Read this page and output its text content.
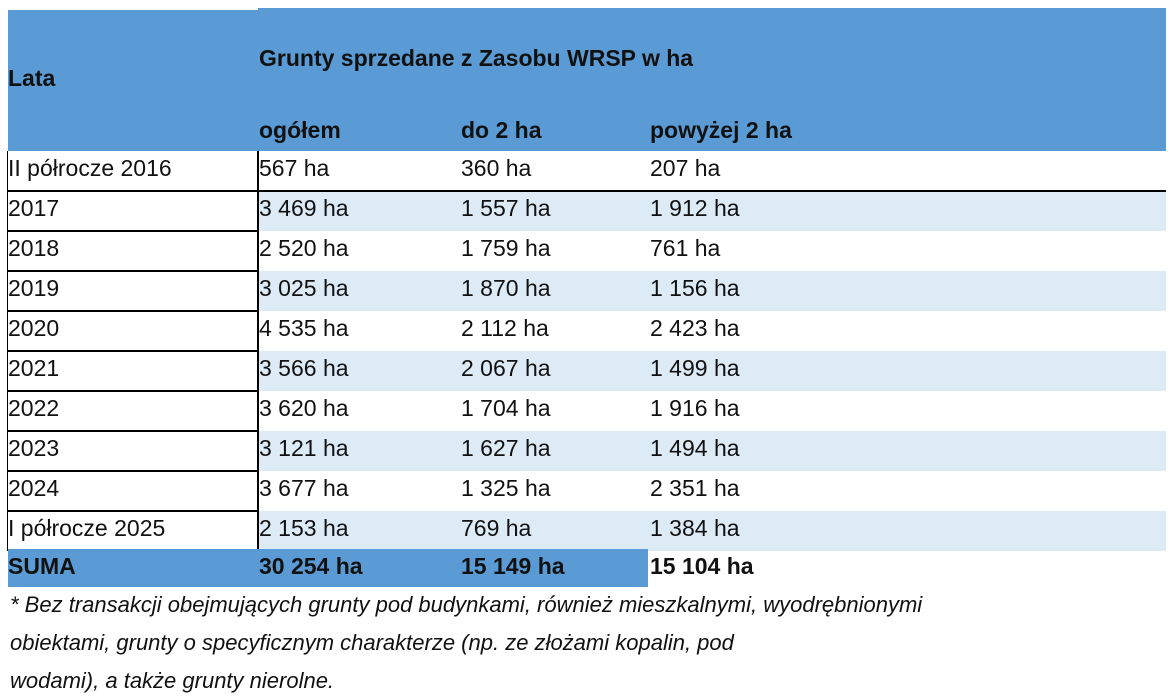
Lata
Grunty sprzedane z Zasobu WRSP w ha
ogółem	do 2 ha	powyżej 2 ha
II półrocze 2016	567 ha	360 ha	207 ha
2017	3 469 ha	1 557 ha	1 912 ha
2018	2 520 ha	1 759 ha	761 ha
2019	3 025 ha	1 870 ha	1 156 ha
2020	4 535 ha	2 112 ha	2 423 ha
2021	3 566 ha	2 067 ha	1 499 ha
2022	3 620 ha	1 704 ha	1 916 ha
2023	3 121 ha	1 627 ha	1 494 ha
2024	3 677 ha	1 325 ha	2 351 ha
I półrocze 2025	2 153 ha	769 ha	1 384 ha
SUMA	30 254 ha	15 149 ha	15 104 ha
* Bez transakcji obejmujących grunty pod budynkami, również mieszkalnymi, wyodrębnionymi
obiektami, grunty o specyficznym charakterze (np. ze złożami kopalin, pod
wodami), a także grunty nierolne.
